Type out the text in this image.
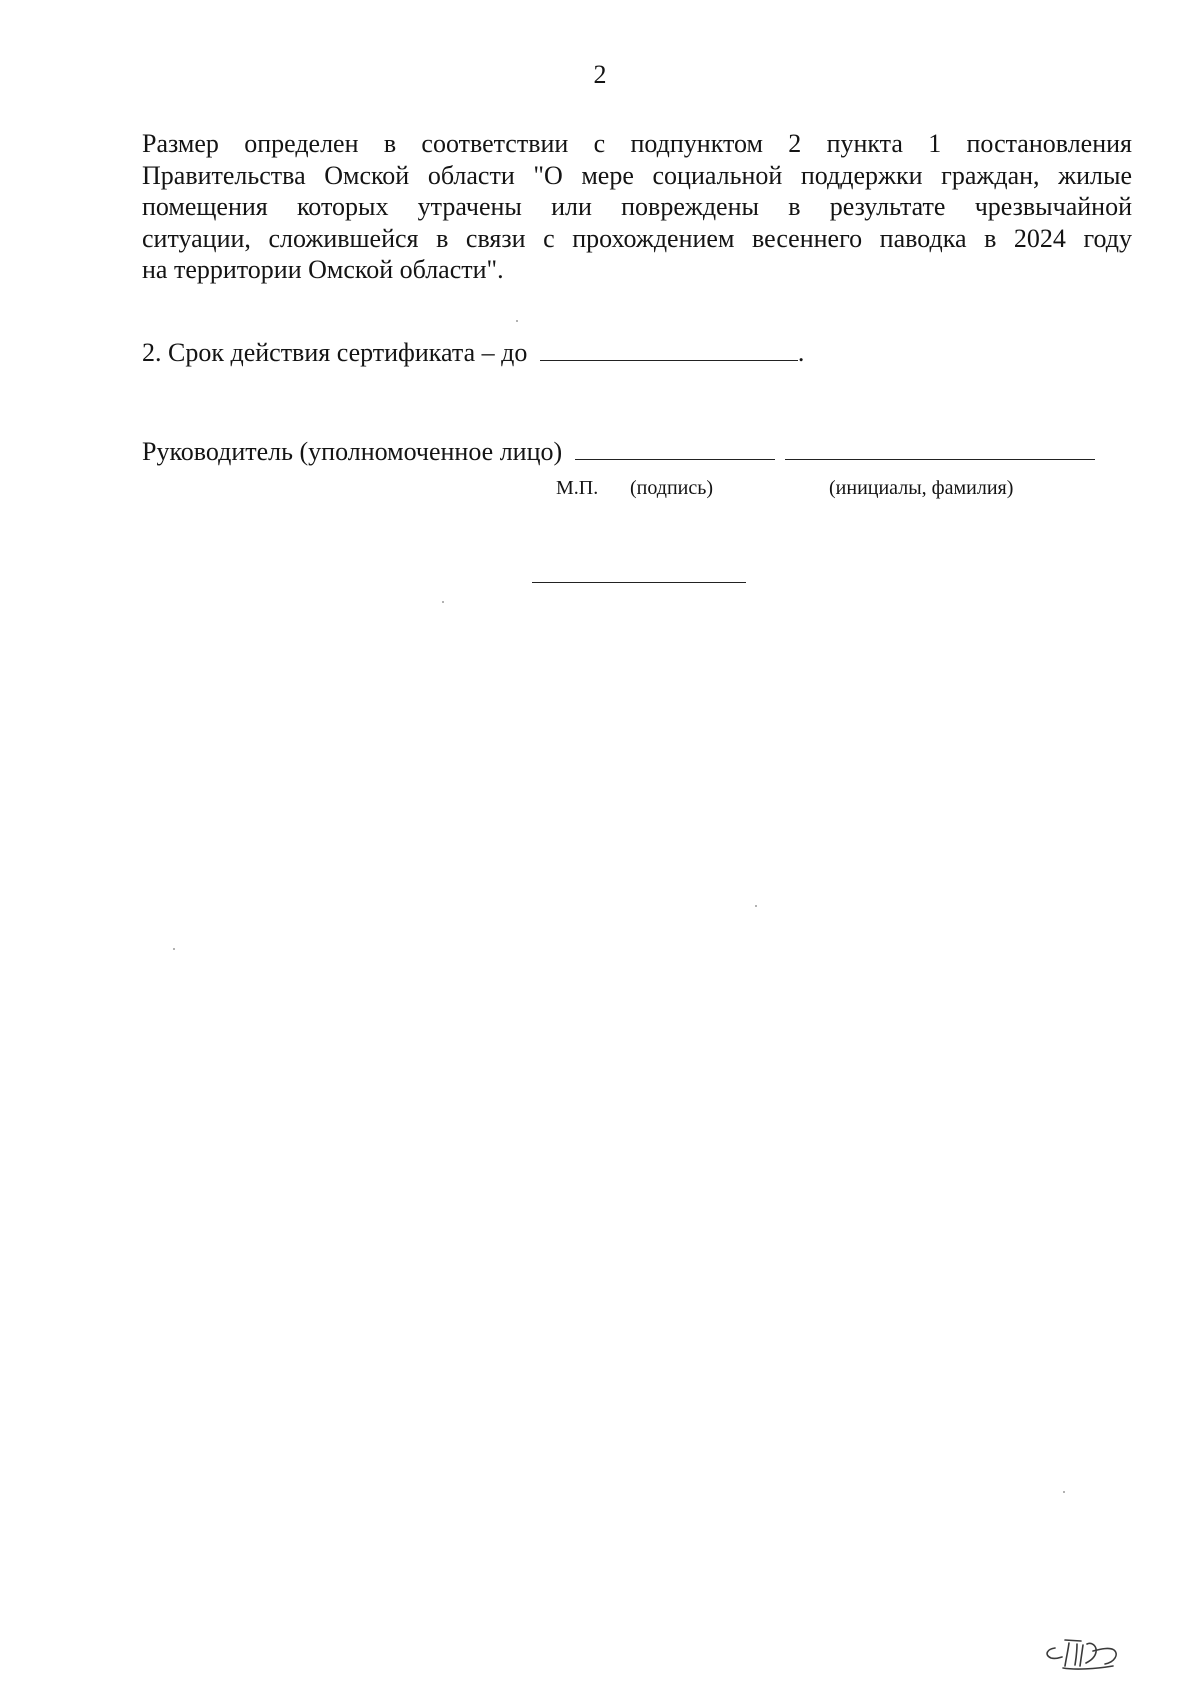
2
Размер определен в соответствии с подпунктом 2 пункта 1 постановления
Правительства Омской области "О мере социальной поддержки граждан, жилые
помещения которых утрачены или повреждены в результате чрезвычайной
ситуации, сложившейся в связи с прохождением весеннего паводка в 2024 году
на территории Омской области".
2. Срок действия сертификата – до	.
Руководитель (уполномоченное лицо)
М.П. (подпись)	(инициалы, фамилия)
